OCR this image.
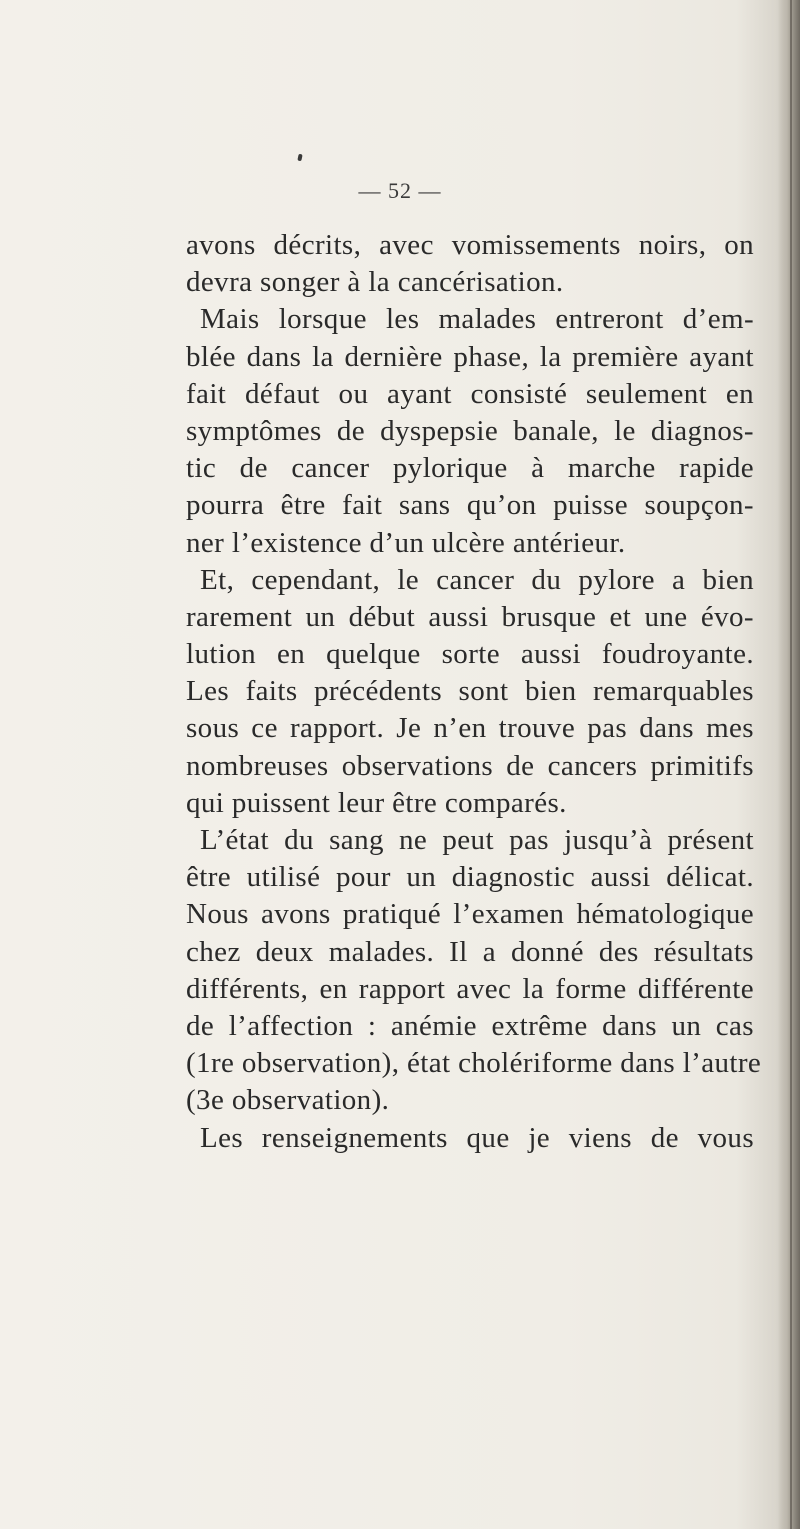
— 52 —
avons décrits, avec vomissements noirs, on
devra songer à la cancérisation.
Mais lorsque les malades entreront d’em-
blée dans la dernière phase, la première ayant
fait défaut ou ayant consisté seulement en
symptômes de dyspepsie banale, le diagnos-
tic de cancer pylorique à marche rapide
pourra être fait sans qu’on puisse soupçon-
ner l’existence d’un ulcère antérieur.
Et, cependant, le cancer du pylore a bien
rarement un début aussi brusque et une évo-
lution en quelque sorte aussi foudroyante.
Les faits précédents sont bien remarquables
sous ce rapport. Je n’en trouve pas dans mes
nombreuses observations de cancers primitifs
qui puissent leur être comparés.
L’état du sang ne peut pas jusqu’à présent
être utilisé pour un diagnostic aussi délicat.
Nous avons pratiqué l’examen hématologique
chez deux malades. Il a donné des résultats
différents, en rapport avec la forme différente
de l’affection : anémie extrême dans un cas
(1re observation), état cholériforme dans l’autre
(3e observation).
Les renseignements que je viens de vous
